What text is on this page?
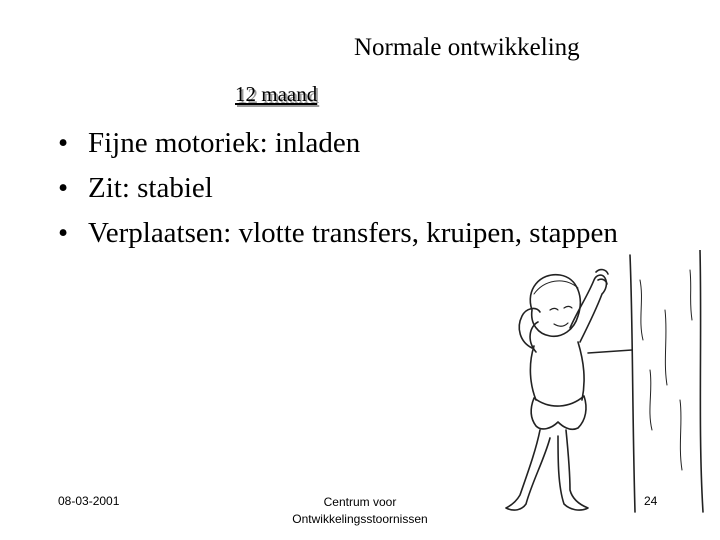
Normale ontwikkeling
12 maand
• Fijne motoriek: inladen
• Zit: stabiel
• Verplaatsen: vlotte transfers, kruipen, stappen
08-03-2001	Centrum voor
Ontwikkelingsstoornissen
24
